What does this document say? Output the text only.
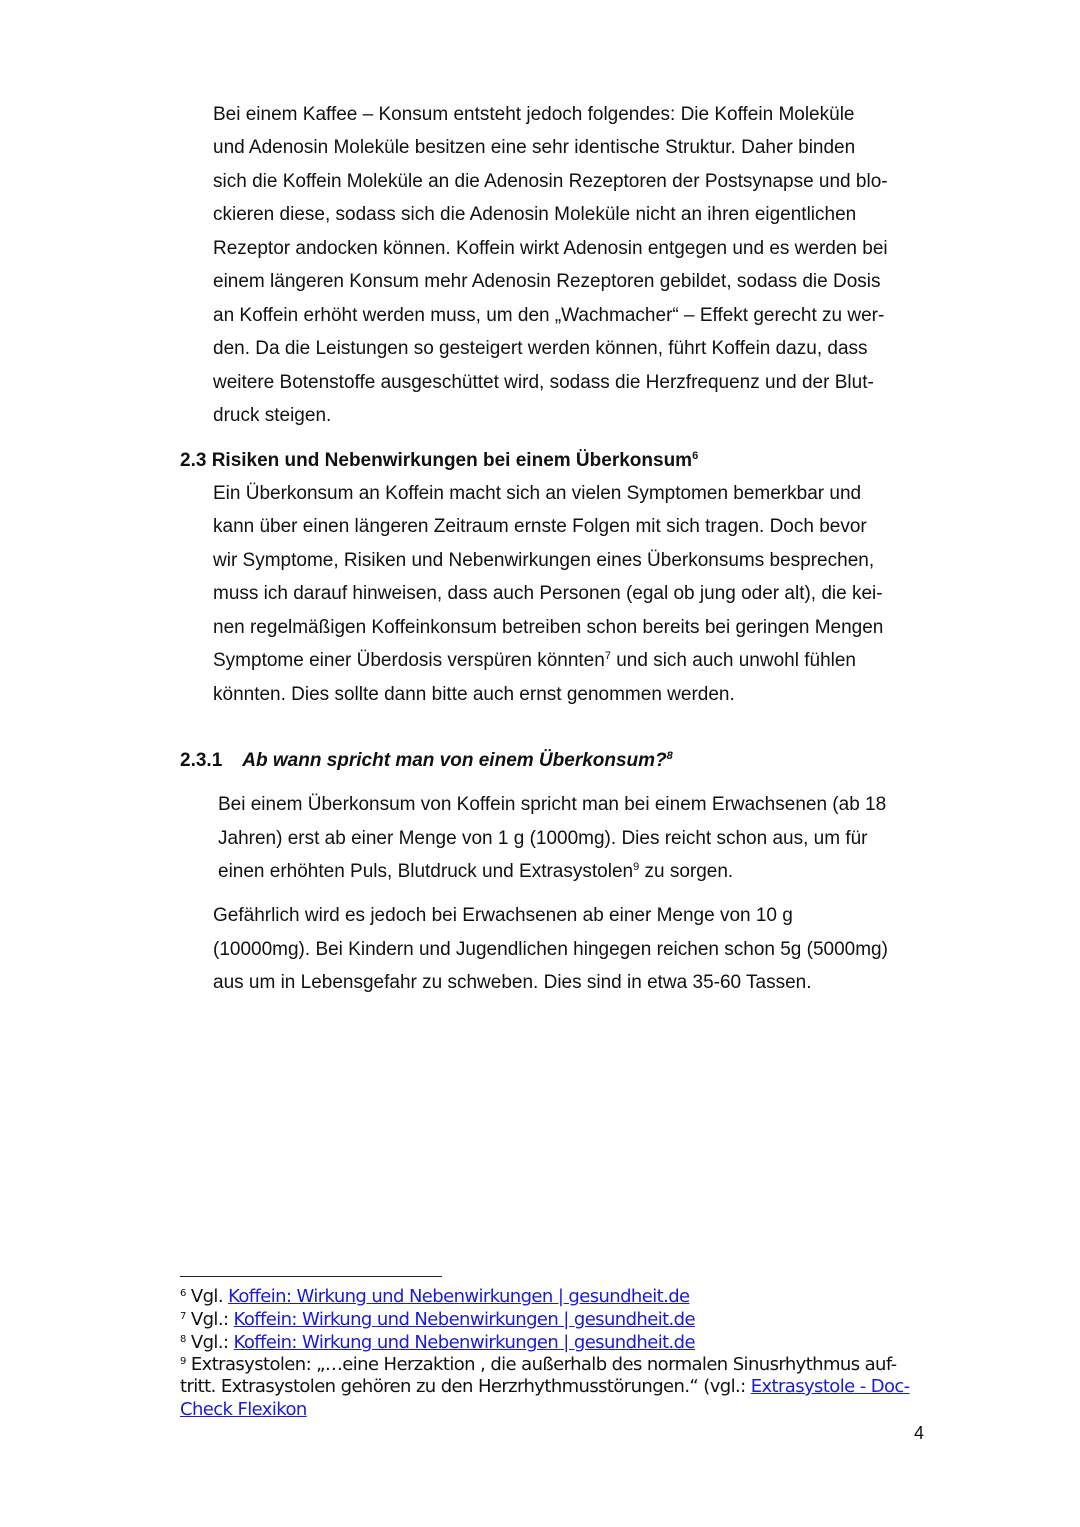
Bei einem Kaffee – Konsum entsteht jedoch folgendes: Die Koffein Moleküle
und Adenosin Moleküle besitzen eine sehr identische Struktur. Daher binden
sich die Koffein Moleküle an die Adenosin Rezeptoren der Postsynapse und blo-
ckieren diese, sodass sich die Adenosin Moleküle nicht an ihren eigentlichen
Rezeptor andocken können. Koffein wirkt Adenosin entgegen und es werden bei
einem längeren Konsum mehr Adenosin Rezeptoren gebildet, sodass die Dosis
an Koffein erhöht werden muss, um den „Wachmacher“ – Effekt gerecht zu wer-
den. Da die Leistungen so gesteigert werden können, führt Koffein dazu, dass
weitere Botenstoffe ausgeschüttet wird, sodass die Herzfrequenz und der Blut-
druck steigen.
2.3 Risiken und Nebenwirkungen bei einem Überkonsum$^6$
Ein Überkonsum an Koffein macht sich an vielen Symptomen bemerkbar und
kann über einen längeren Zeitraum ernste Folgen mit sich tragen. Doch bevor
wir Symptome, Risiken und Nebenwirkungen eines Überkonsums besprechen,
muss ich darauf hinweisen, dass auch Personen (egal ob jung oder alt), die kei-
nen regelmäßigen Koffeinkonsum betreiben schon bereits bei geringen Mengen
Symptome einer Überdosis verspüren könnten$^7$ und sich auch unwohl fühlen
könnten. Dies sollte dann bitte auch ernst genommen werden.
2.3.1 Ab wann spricht man von einem Überkonsum?$^8$
Bei einem Überkonsum von Koffein spricht man bei einem Erwachsenen (ab 18
Jahren) erst ab einer Menge von 1 g (1000mg). Dies reicht schon aus, um für
einen erhöhten Puls, Blutdruck und Extrasystolen$^9$ zu sorgen.
Gefährlich wird es jedoch bei Erwachsenen ab einer Menge von 10 g
(10000mg). Bei Kindern und Jugendlichen hingegen reichen schon 5g (5000mg)
aus um in Lebensgefahr zu schweben. Dies sind in etwa 35-60 Tassen.
$^6$ Vgl. Koffein: Wirkung und Nebenwirkungen | gesundheit.de
$^7$ Vgl.: Koffein: Wirkung und Nebenwirkungen | gesundheit.de
$^8$ Vgl.: Koffein: Wirkung und Nebenwirkungen | gesundheit.de
$^9$ Extrasystolen: „…eine Herzaktion , die außerhalb des normalen Sinusrhythmus auf-
tritt. Extrasystolen gehören zu den Herzrhythmusstörungen.“ (vgl.: Extrasystole - Doc-
Check Flexikon
4
